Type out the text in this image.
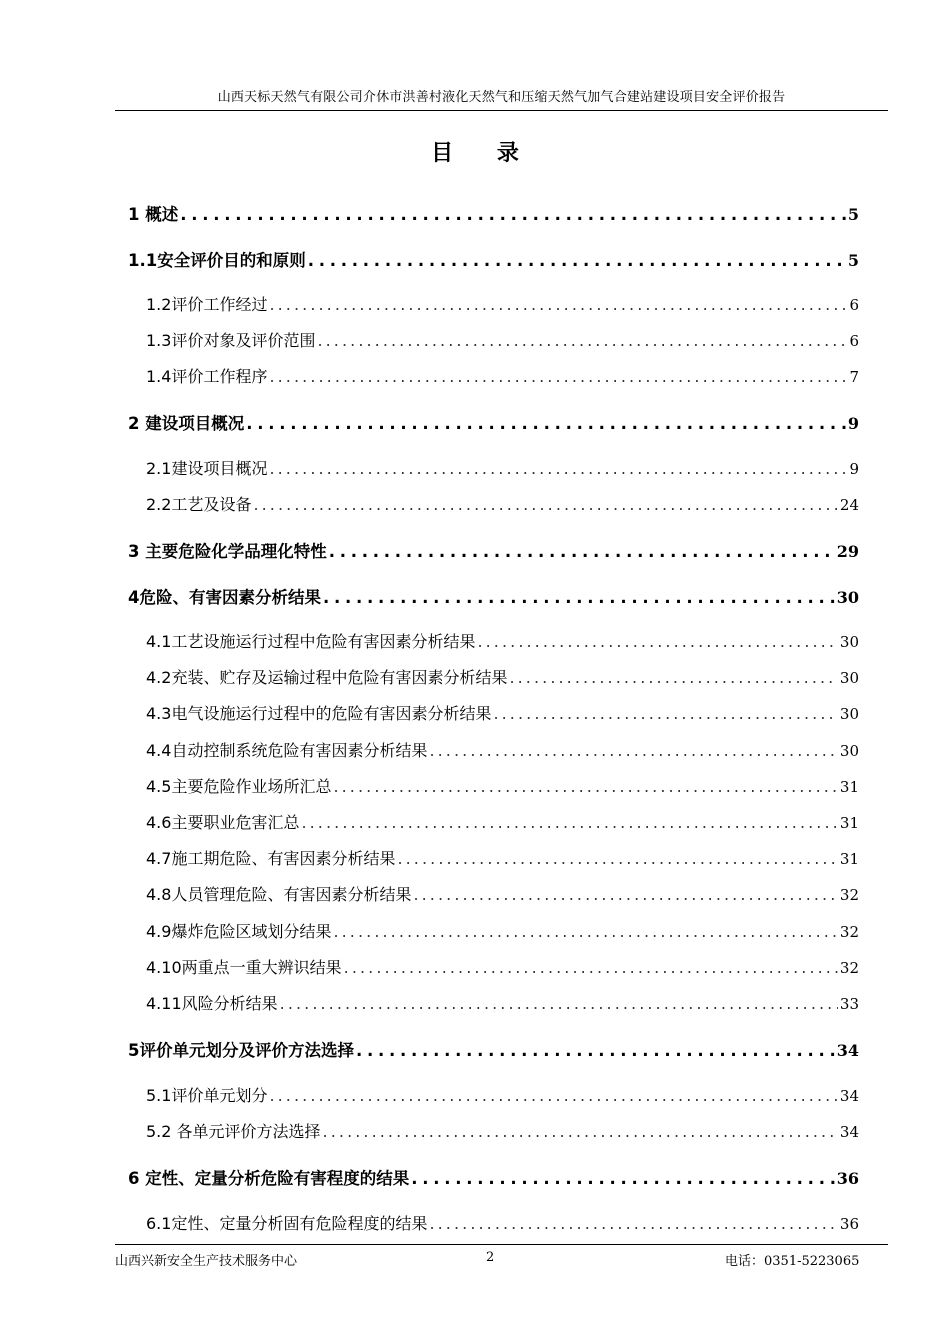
山西天标天然气有限公司介休市洪善村液化天然气和压缩天然气加气合建站建设项目安全评价报告
目 录
1 概述 . . .	5
1.1安全评价目的和原则 . . .	5
1.2评价工作经过 . . .	6
1.3评价对象及评价范围 . . .	6
1.4评价工作程序 . . .	7
2 建设项目概况 . . .	9
2.1建设项目概况 . . .	9
2.2工艺及设备 . . .	24
3 主要危险化学品理化特性 . . .	29
4危险、有害因素分析结果 . . .	30
4.1工艺设施运行过程中危险有害因素分析结果 . . .	30
4.2充装、贮存及运输过程中危险有害因素分析结果 . . .	30
4.3电气设施运行过程中的危险有害因素分析结果 . . .	30
4.4自动控制系统危险有害因素分析结果 . . .	30
4.5主要危险作业场所汇总 . . .	31
4.6主要职业危害汇总 . . .	31
4.7施工期危险、有害因素分析结果 . . .	31
4.8人员管理危险、有害因素分析结果 . . .	32
4.9爆炸危险区域划分结果 . . .	32
4.10两重点一重大辨识结果 . . .	32
4.11风险分析结果 . . .	33
5评价单元划分及评价方法选择 . . .	34
5.1评价单元划分 . . .	34
5.2 各单元评价方法选择 . . .	34
6 定性、定量分析危险有害程度的结果 . . .	36
6.1定性、定量分析固有危险程度的结果 . . .	36
山西兴新安全生产技术服务中心	2	电话：0351-5223065
